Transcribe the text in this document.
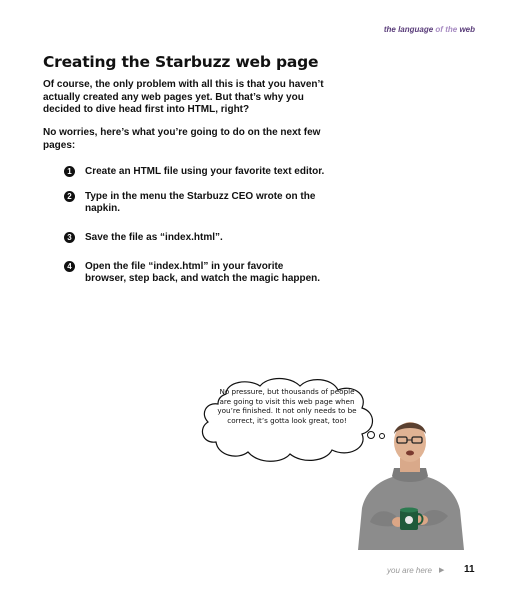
the language of the web
Creating the Starbuzz web page

Of course, the only problem with all this is that you haven’t actually created any web pages yet. But that’s why you decided to dive head first into HTML, right?

No worries, here’s what you’re going to do on the next few pages:

1	Create an HTML file using your favorite text editor.
2	Type in the menu the Starbuzz CEO wrote on the napkin.
3	Save the file as “index.html”.
4	Open the file “index.html” in your favorite browser, step back, and watch the magic happen.
No pressure, but thousands of people are going to visit this web page when you’re finished. It not only needs to be correct, it’s gotta look great, too!
you are here ▶ 11
